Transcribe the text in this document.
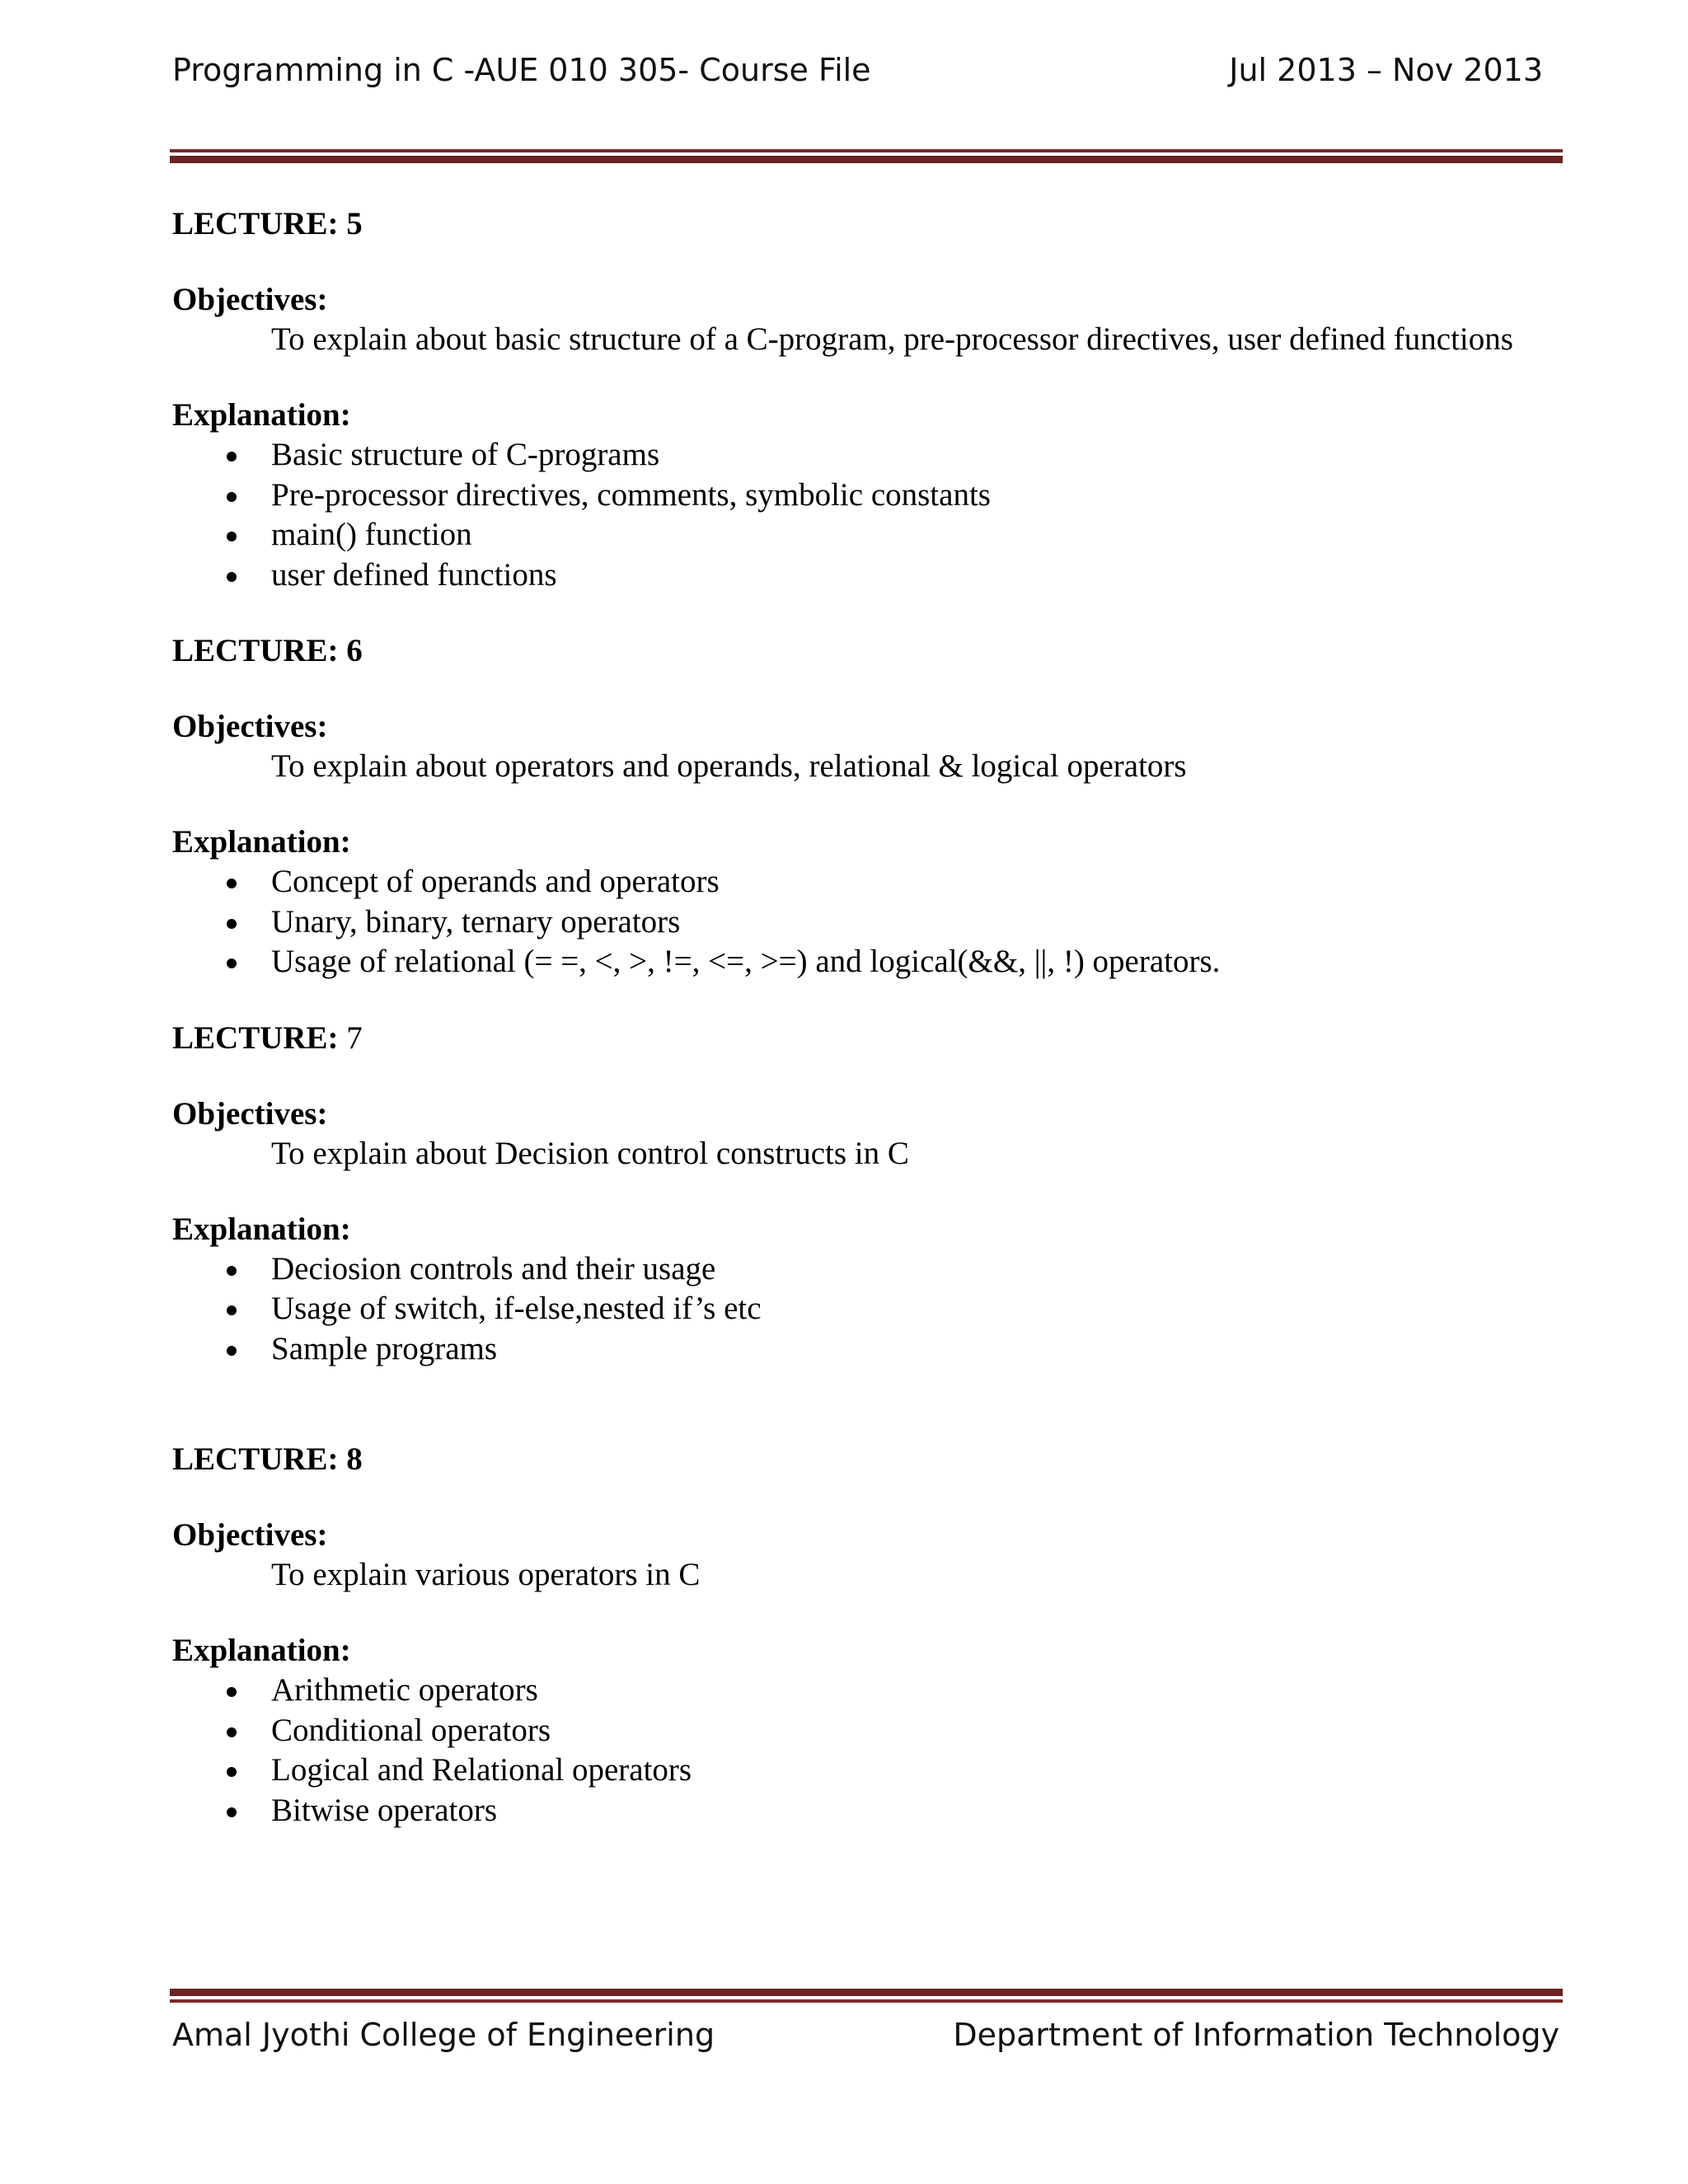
Programming in C -AUE 010 305- Course File	Jul 2013 – Nov 2013

LECTURE: 5

Objectives:

To explain about basic structure of a C-program, pre-processor directives, user defined functions

Explanation:

Basic structure of C-programs
Pre-processor directives, comments, symbolic constants
main() function
user defined functions

LECTURE: 6

Objectives:

To explain about operators and operands, relational & logical operators

Explanation:

Concept of operands and operators
Unary, binary, ternary operators
Usage of relational (= =, <, >, !=, <=, >=) and logical(&&, ||, !) operators.

LECTURE: 7

Objectives:

To explain about Decision control constructs in C

Explanation:

Deciosion controls and their usage
Usage of switch, if-else,nested if’s etc
Sample programs

LECTURE: 8

Objectives:

To explain various operators in C

Explanation:

Arithmetic operators
Conditional operators
Logical and Relational operators
Bitwise operators
Amal Jyothi College of Engineering	Department of Information Technology
